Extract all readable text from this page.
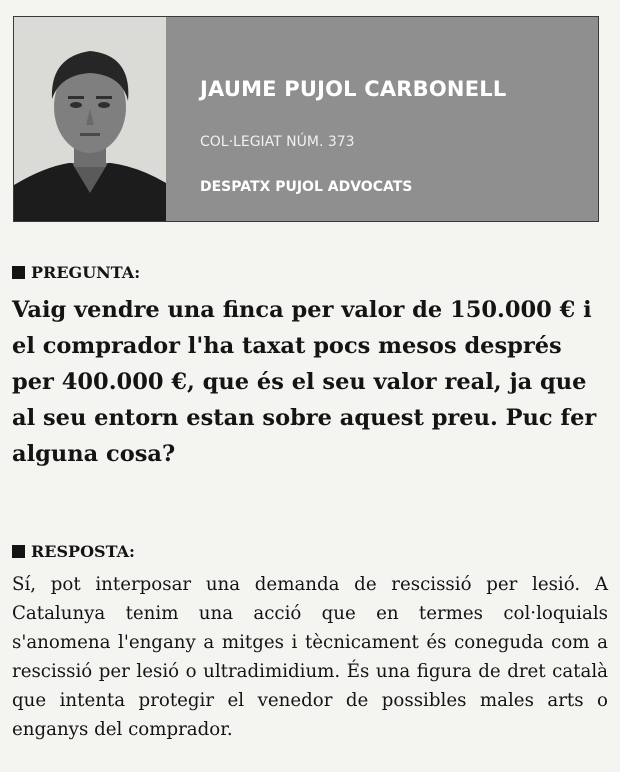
JAUME PUJOL CARBONELL
COL·LEGIAT NÚM. 373
DESPATX PUJOL ADVOCATS
PREGUNTA:

Vaig vendre una finca per valor de 150.000 € i el comprador l'ha taxat pocs mesos després per 400.000 €, que és el seu valor real, ja que al seu entorn estan sobre aquest preu. Puc fer alguna cosa?

RESPOSTA:

Sí, pot interposar una demanda de rescissió per lesió. A Catalunya tenim una acció que en termes col·loquials s'anomena l'engany a mitges i tècnicament és coneguda com a rescissió per lesió o ultradimidium. És una figura de dret català que intenta protegir el venedor de possibles males arts o enganys del comprador.
